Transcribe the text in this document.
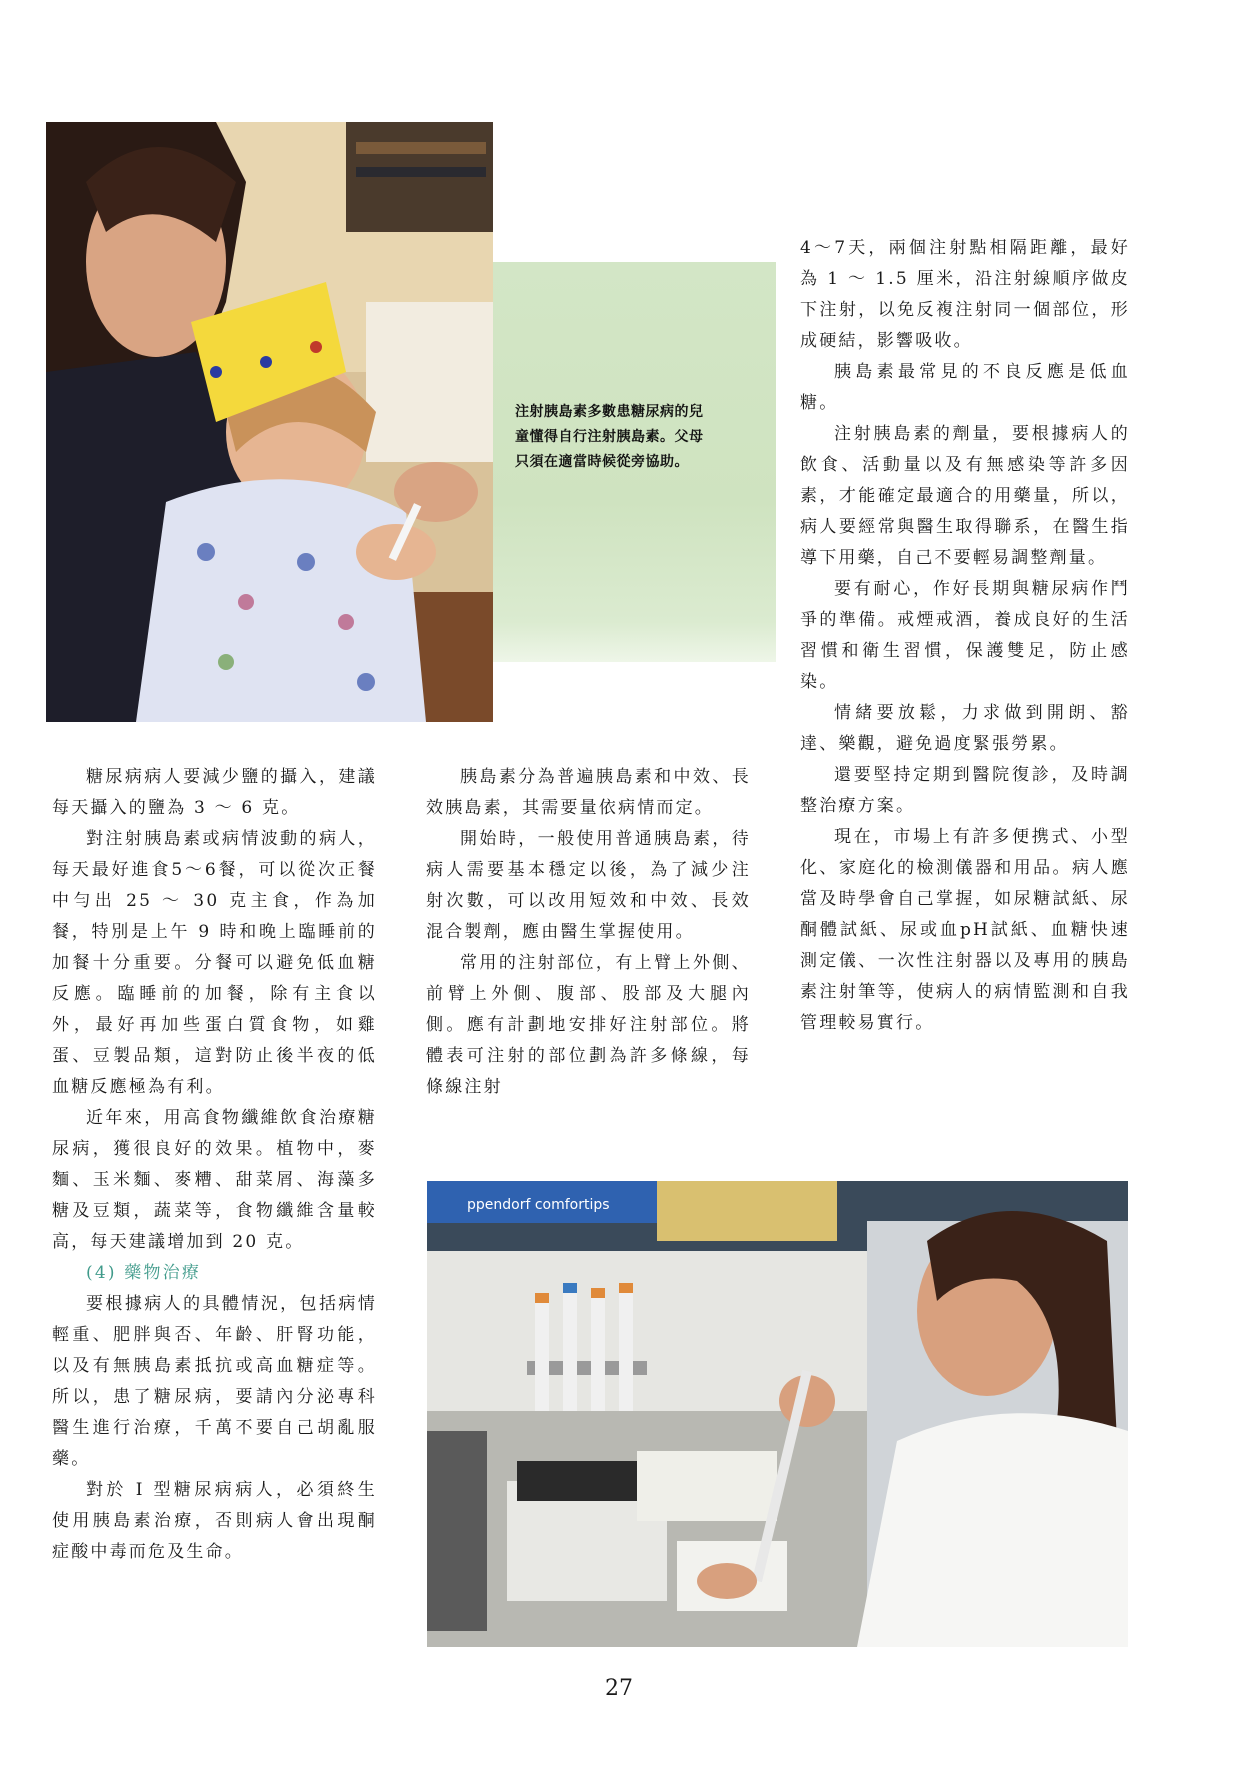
注射胰島素多數患糖尿病的兒
童懂得自行注射胰島素。父母
只須在適當時候從旁協助。

糖尿病病人要減少鹽的攝入，建議每天攝入的鹽為 3 ～ 6 克。

對注射胰島素或病情波動的病人，每天最好進食5～6餐，可以從次正餐中勻出 25 ～ 30 克主食，作為加餐，特別是上午 9 時和晚上臨睡前的加餐十分重要。分餐可以避免低血糖反應。臨睡前的加餐，除有主食以外，最好再加些蛋白質食物，如雞蛋、豆製品類，這對防止後半夜的低血糖反應極為有利。

近年來，用高食物纖維飲食治療糖尿病，獲很良好的效果。植物中，麥麵、玉米麵、麥糟、甜菜屑、海藻多糖及豆類，蔬菜等，食物纖維含量較高，每天建議增加到 20 克。

(4) 藥物治療

要根據病人的具體情況，包括病情輕重、肥胖與否、年齡、肝腎功能，以及有無胰島素抵抗或高血糖症等。所以，患了糖尿病，要請內分泌專科醫生進行治療，千萬不要自己胡亂服藥。

對於 I 型糖尿病病人，必須終生使用胰島素治療，否則病人會出現酮症酸中毒而危及生命。

胰島素分為普遍胰島素和中效、長效胰島素，其需要量依病情而定。

開始時，一般使用普通胰島素，待病人需要基本穩定以後，為了減少注射次數，可以改用短效和中效、長效混合製劑，應由醫生掌握使用。

常用的注射部位，有上臂上外側、前臂上外側、腹部、股部及大腿內側。應有計劃地安排好注射部位。將體表可注射的部位劃為許多條線，每條線注射

4～7天，兩個注射點相隔距離，最好為 1 ～ 1.5 厘米，沿注射線順序做皮下注射，以免反複注射同一個部位，形成硬結，影響吸收。

胰島素最常見的不良反應是低血糖。

注射胰島素的劑量，要根據病人的飲食、活動量以及有無感染等許多因素，才能確定最適合的用藥量，所以，病人要經常與醫生取得聯系，在醫生指導下用藥，自己不要輕易調整劑量。

要有耐心，作好長期與糖尿病作鬥爭的準備。戒煙戒酒，養成良好的生活習慣和衛生習慣，保護雙足，防止感染。

情緒要放鬆，力求做到開朗、豁達、樂觀，避免過度緊張勞累。

還要堅持定期到醫院復診，及時調整治療方案。

現在，市場上有許多便携式、小型化、家庭化的檢測儀器和用品。病人應當及時學會自己掌握，如尿糖試紙、尿酮體試紙、尿或血pH試紙、血糖快速測定儀、一次性注射器以及專用的胰島素注射筆等，使病人的病情監測和自我管理較易實行。

ppendorf comfortips
27
